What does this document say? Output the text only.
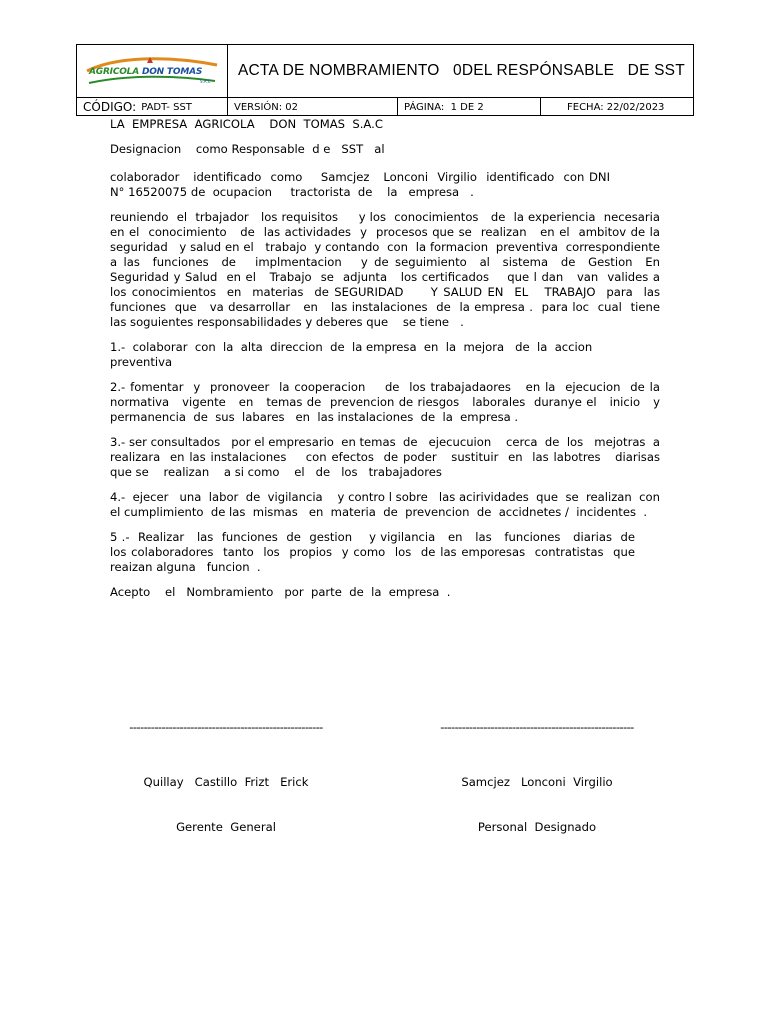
AGRICOLA DON TOMAS
S.A.C
ACTA DE NOMBRAMIENTO   0DEL RESPÓNSABLE   DE SST
CÓDIGO: PADT- SST	VERSIÓN: 02	PÁGINA:  1 DE 2	FECHA: 22/02/2023

LA  EMPRESA  AGRICOLA    DON  TOMAS  S.A.C

Designacion    como Responsable  d e   SST   al

colaborador   identificado  como    Samcjez   Lonconi  Virgilio  identificado  con DNI N° 16520075 de  ocupacion     tractorista  de    la   empresa   .

reuniendo  el  trbajador   los requisitos     y los  conocimientos   de  la experiencia  necesaria  en el  conocimiento   de  las actividades  y  procesos que se  realizan   en el  ambitov de la seguridad   y salud en el   trabajo  y contando  con  la formacion  preventiva  correspondiente a las  funciones  de   implmentacion   y de seguimiento  al  sistema  de  Gestion  En  Seguridad y Salud  en el   Trabajo  se  adjunta   los certificados    que l dan   van  valides a   los conocimientos  en  materias  de SEGURIDAD     Y SALUD EN  EL   TRABAJO  para  las funciones  que   va desarrollar   en   las instalaciones  de  la empresa .  para loc  cual  tiene  las soguientes responsabilidades y deberes que    se tiene   .

1.-  colaborar  con  la  alta  direccion  de  la empresa  en  la  mejora   de  la  accion  preventiva

2.- fomentar  y  pronoveer  la cooperacion    de  los trabajadaores   en la  ejecucion  de la normativa   vigente   en   temas de  prevencion de riesgos   laborales  duranye el   inicio   y permanencia  de  sus  labares   en  las instalaciones  de  la  empresa .

3.- ser consultados   por el empresario  en temas  de   ejecucuion    cerca  de  los   mejotras  a realizara  en las instalaciones    con efectos  de poder   sustituir  en  las labotres   diarisas  que se    realizan    a si como    el   de   los   trabajadores

4.-  ejecer   una  labor  de  vigilancia    y contro l sobre   las acirividades  que  se  realizan  con el cumplimiento  de las  mismas   en  materia  de  prevencion  de  accidnetes /  incidentes  .

5 .-  Realizar   las  funciones  de  gestion    y vigilancia   en   las   funciones   diarias  de  los colaboradores  tanto  los  propios  y como  los  de las emporesas  contratistas  que  reaizan alguna   funcion  .

Acepto    el   Nombramiento   por  parte  de  la  empresa  .

------------------------------------------------------

Quillay   Castillo  Frizt   Erick

Gerente  General

------------------------------------------------------

Samcjez   Lonconi  Virgilio

Personal  Designado
